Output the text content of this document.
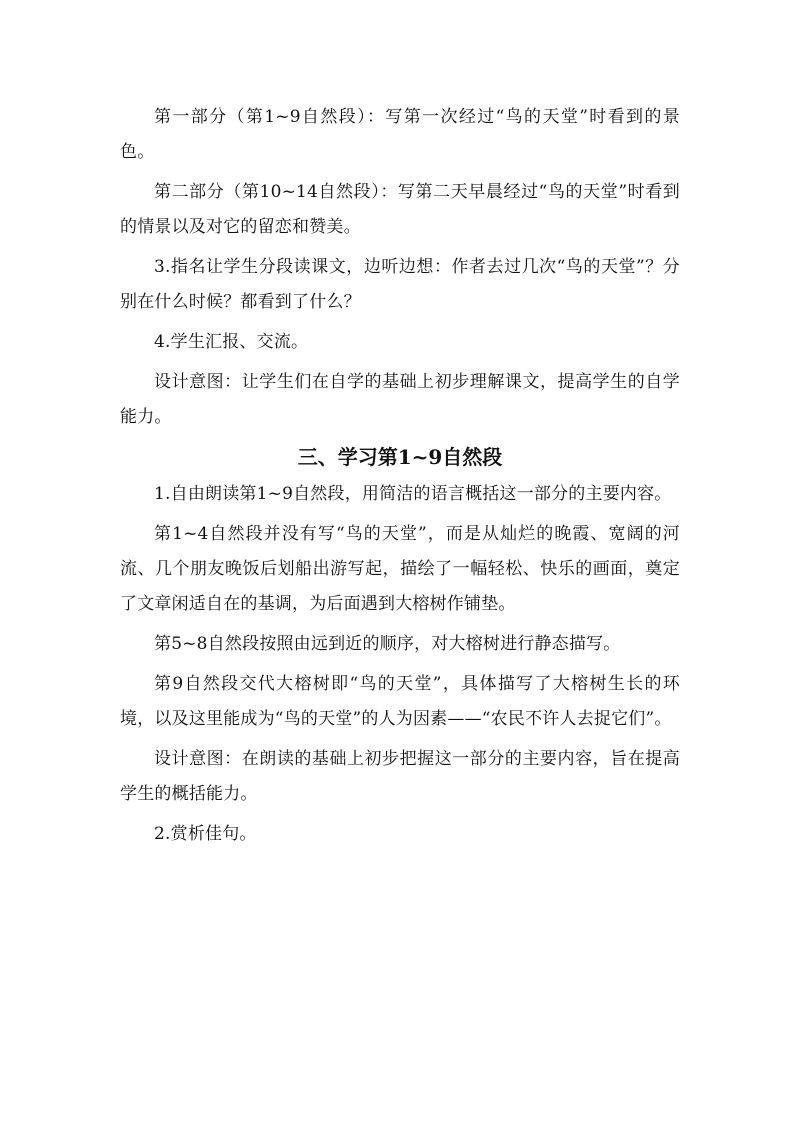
第一部分（第1~9自然段）：写第一次经过“鸟的天堂”时看到的景色。

第二部分（第10~14自然段）：写第二天早晨经过“鸟的天堂”时看到的情景以及对它的留恋和赞美。

3.指名让学生分段读课文，边听边想：作者去过几次“鸟的天堂”？分别在什么时候？都看到了什么？

4.学生汇报、交流。

设计意图：让学生们在自学的基础上初步理解课文，提高学生的自学能力。

三、学习第1~9自然段

1.自由朗读第1~9自然段，用简洁的语言概括这一部分的主要内容。

第1~4自然段并没有写“鸟的天堂”，而是从灿烂的晚霞、宽阔的河流、几个朋友晚饭后划船出游写起，描绘了一幅轻松、快乐的画面，奠定了文章闲适自在的基调，为后面遇到大榕树作铺垫。

第5~8自然段按照由远到近的顺序，对大榕树进行静态描写。

第9自然段交代大榕树即“鸟的天堂”，具体描写了大榕树生长的环境，以及这里能成为“鸟的天堂”的人为因素——“农民不许人去捉它们”。

设计意图：在朗读的基础上初步把握这一部分的主要内容，旨在提高学生的概括能力。

2.赏析佳句。
